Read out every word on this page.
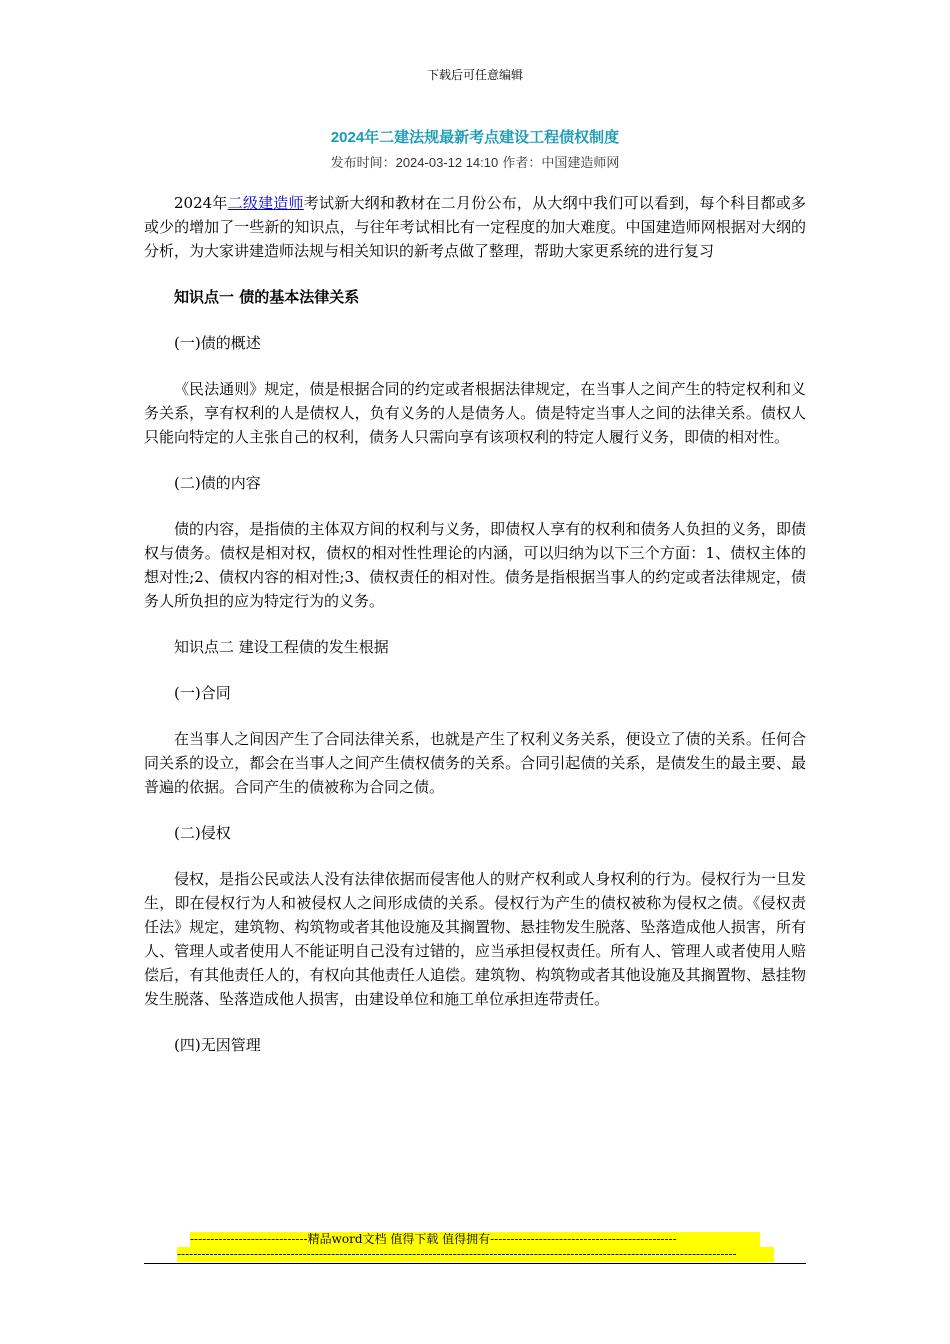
下载后可任意编辑
2024年二建法规最新考点建设工程债权制度
发布时间：2024-03-12 14:10 作者：中国建造师网

2024年二级建造师考试新大纲和教材在二月份公布，从大纲中我们可以看到，每个科目都或多或少的增加了一些新的知识点，与往年考试相比有一定程度的加大难度。中国建造师网根据对大纲的分析，为大家讲建造师法规与相关知识的新考点做了整理，帮助大家更系统的进行复习

知识点一 债的基本法律关系

(一)债的概述

《民法通则》规定，债是根据合同的约定或者根据法律规定，在当事人之间产生的特定权利和义务关系，享有权利的人是债权人，负有义务的人是债务人。债是特定当事人之间的法律关系。债权人只能向特定的人主张自己的权利，债务人只需向享有该项权利的特定人履行义务，即债的相对性。

(二)债的内容

债的内容，是指债的主体双方间的权利与义务，即债权人享有的权利和债务人负担的义务，即债权与债务。债权是相对权，债权的相对性性理论的内涵，可以归纳为以下三个方面：1、债权主体的想对性;2、债权内容的相对性;3、债权责任的相对性。债务是指根据当事人的约定或者法律规定，债务人所负担的应为特定行为的义务。

知识点二 建设工程债的发生根据

(一)合同

在当事人之间因产生了合同法律关系，也就是产生了权利义务关系，便设立了债的关系。任何合同关系的设立，都会在当事人之间产生债权债务的关系。合同引起债的关系，是债发生的最主要、最普遍的依据。合同产生的债被称为合同之债。

(二)侵权

侵权，是指公民或法人没有法律依据而侵害他人的财产权利或人身权利的行为。侵权行为一旦发生，即在侵权行为人和被侵权人之间形成债的关系。侵权行为产生的债权被称为侵权之债。《侵权责任法》规定，建筑物、构筑物或者其他设施及其搁置物、悬挂物发生脱落、坠落造成他人损害，所有人、管理人或者使用人不能证明自己没有过错的，应当承担侵权责任。所有人、管理人或者使用人赔偿后，有其他责任人的，有权向其他责任人追偿。建筑物、构筑物或者其他设施及其搁置物、悬挂物发生脱落、坠落造成他人损害，由建设单位和施工单位承担连带责任。

(四)无因管理

-----------------------------精品word文档 值得下载 值得拥有----------------------------------------------
------------------------------------------------------------------------------------------------------------------------------------------
